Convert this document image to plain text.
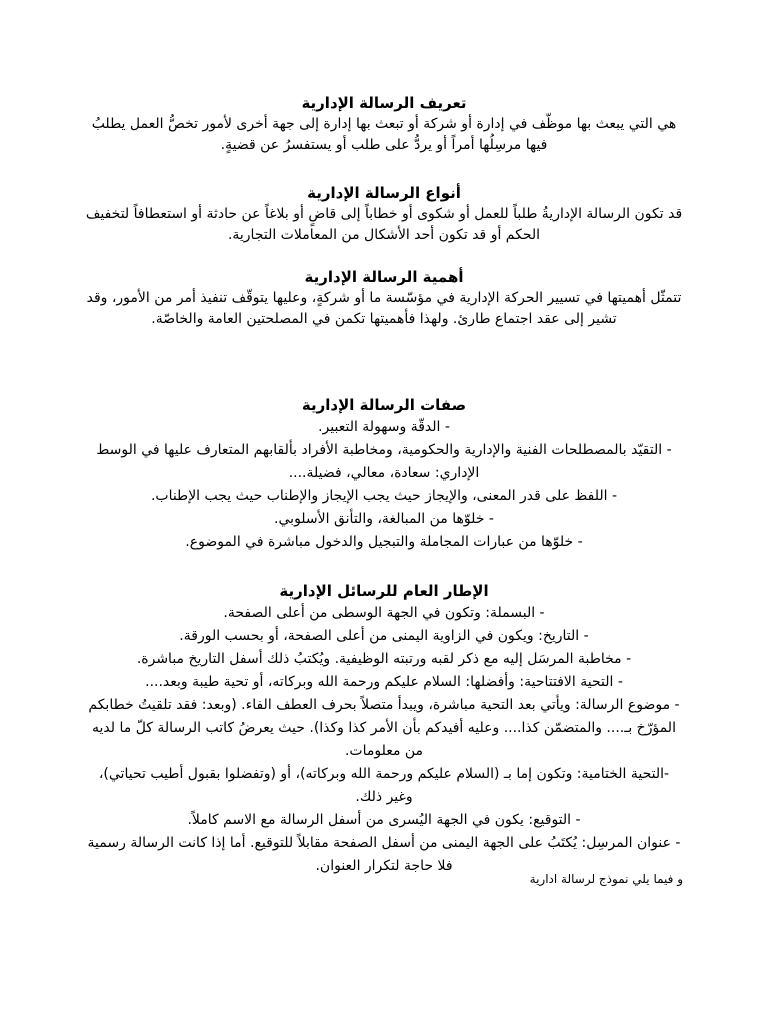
تعريف الرسالة الإدارية

هي التي يبعث بها موظّف في إدارة أو شركة أو تبعث بها إدارة إلى جهة أخرى لأمور تخصُّ العمل يطلبُ فيها مرسِلُها أمراً أو يردُّ على طلب أو يستفسرُ عن قضيةٍ.

أنواع الرسالة الإدارية

قد تكون الرسالة الإداريةُ طلباً للعمل أو شكوى أو خطاباً إلى قاضٍ أو بلاغاً عن حادثة أو استعطافاً لتخفيف الحكم أو قد تكون أحد الأشكال من المعاملات التجارية.

أهمية الرسالة الإدارية

تتمثّل أهميتها في تسيير الحركة الإدارية في مؤسّسة ما أو شركةٍ، وعليها يتوقّف تنفيذ أمر من الأمور، وقد تشير إلى عقد اجتماع طارئ. ولهذا فأهميتها تكمن في المصلحتين العامة والخاصّة.

صفات الرسالة الإدارية
- الدقّة وسهولة التعبير.
- التقيّد بالمصطلحات الفنية والإدارية والحكومية، ومخاطبة الأفراد بألقابهم المتعارف عليها في الوسط الإداري: سعادة، معالي، فضيلة....
- اللفظ على قدر المعنى، والإيجاز حيث يجب الإيجاز والإطناب حيث يجب الإطناب.
- خلوّها من المبالغة، والتأنق الأسلوبي.
- خلوّها من عبارات المجاملة والتبجيل والدخول مباشرة في الموضوع.
الإطار العام للرسائل الإدارية
- البسملة: وتكون في الجهة الوسطى من أعلى الصفحة.
- التاريخ: ويكون في الزاوية اليمنى من أعلى الصفحة، أو بحسب الورقة.
- مخاطبة المرسَل إليه مع ذكر لقبه ورتبته الوظيفية. ويُكتبُ ذلك أسفل التاريخ مباشرة.
- التحية الافتتاحية: وأفضلها: السلام عليكم ورحمة الله وبركاته، أو تحية طيبة وبعد....
- موضوع الرسالة: ويأتي بعد التحية مباشرة، ويبدأ متصلاً بحرف العطف الفاء. (وبعد: فقد تلقيتُ خطابكم المؤرّخ بـ.... والمتضمّن كذا.... وعليه أفيدكم بأن الأمر كذا وكذا). حيث يعرضُ كاتب الرسالة كلّ ما لديه من معلومات.
-التحية الختامية: وتكون إما بـ (السلام عليكم ورحمة الله وبركاته)، أو (وتفضلوا بقبول أطيب تحياتي)، وغير ذلك.
- التوقيع: يكون في الجهة اليُسرى من أسفل الرسالة مع الاسم كاملاً.
- عنوان المرسِل: يُكتَبُ على الجهة اليمنى من أسفل الصفحة مقابلاً للتوقيع. أما إذا كانت الرسالة رسمية فلا حاجة لتكرار العنوان.
و فيما يلي نموذج لرسالة ادارية
